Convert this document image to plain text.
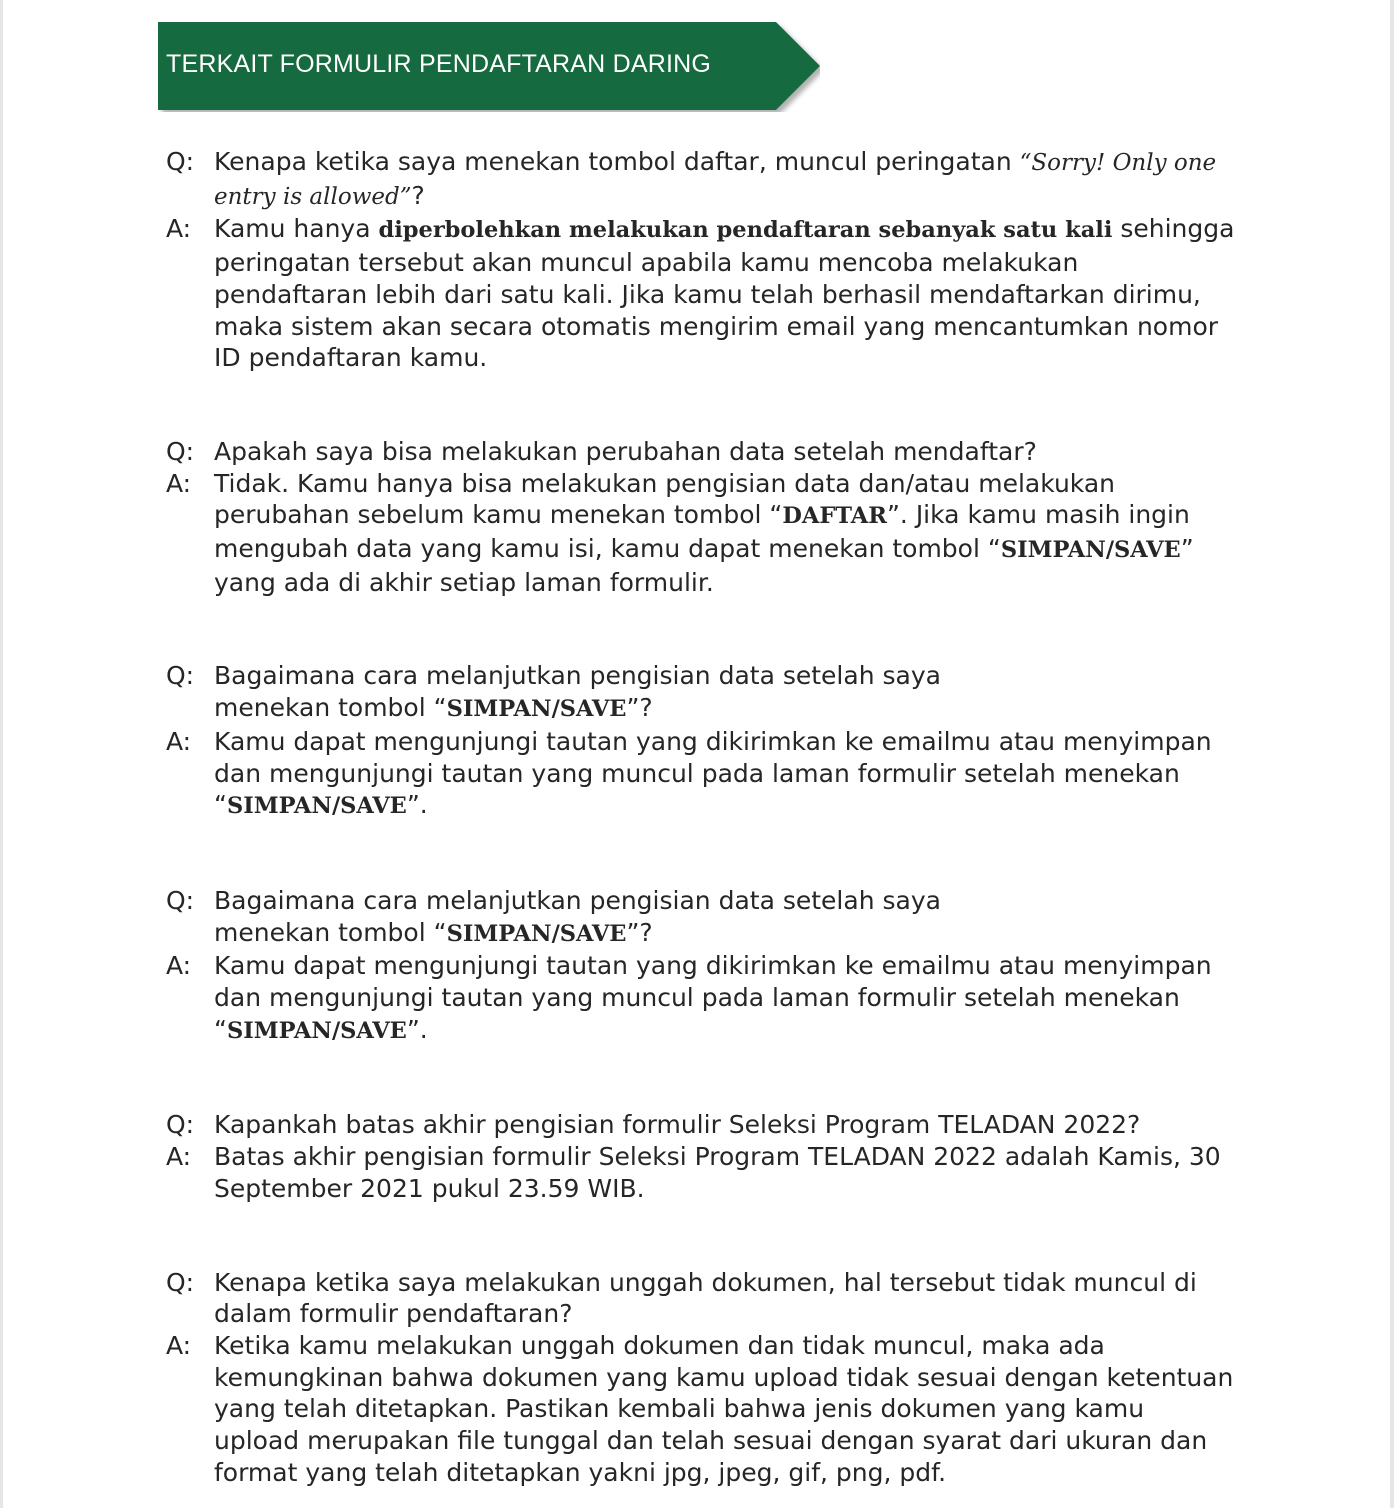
TERKAIT FORMULIR PENDAFTARAN DARING
Q: Kenapa ketika saya menekan tombol daftar, muncul peringatan “Sorry! Only one entry is allowed”?
A: Kamu hanya diperbolehkan melakukan pendaftaran sebanyak satu kali sehingga peringatan tersebut akan muncul apabila kamu mencoba melakukan pendaftaran lebih dari satu kali. Jika kamu telah berhasil mendaftarkan dirimu, maka sistem akan secara otomatis mengirim email yang mencantumkan nomor ID pendaftaran kamu.
Q: Apakah saya bisa melakukan perubahan data setelah mendaftar?
A: Tidak. Kamu hanya bisa melakukan pengisian data dan/atau melakukan perubahan sebelum kamu menekan tombol “DAFTAR”. Jika kamu masih ingin mengubah data yang kamu isi, kamu dapat menekan tombol “SIMPAN/SAVE” yang ada di akhir setiap laman formulir.
Q: Bagaimana cara melanjutkan pengisian data setelah saya menekan tombol “SIMPAN/SAVE”?
A: Kamu dapat mengunjungi tautan yang dikirimkan ke emailmu atau menyimpan dan mengunjungi tautan yang muncul pada laman formulir setelah menekan “SIMPAN/SAVE”.
Q: Bagaimana cara melanjutkan pengisian data setelah saya menekan tombol “SIMPAN/SAVE”?
A: Kamu dapat mengunjungi tautan yang dikirimkan ke emailmu atau menyimpan dan mengunjungi tautan yang muncul pada laman formulir setelah menekan “SIMPAN/SAVE”.
Q: Kapankah batas akhir pengisian formulir Seleksi Program TELADAN 2022?
A: Batas akhir pengisian formulir Seleksi Program TELADAN 2022 adalah Kamis, 30 September 2021 pukul 23.59 WIB.
Q: Kenapa ketika saya melakukan unggah dokumen, hal tersebut tidak muncul di dalam formulir pendaftaran?
A: Ketika kamu melakukan unggah dokumen dan tidak muncul, maka ada kemungkinan bahwa dokumen yang kamu upload tidak sesuai dengan ketentuan yang telah ditetapkan. Pastikan kembali bahwa jenis dokumen yang kamu upload merupakan file tunggal dan telah sesuai dengan syarat dari ukuran dan format yang telah ditetapkan yakni jpg, jpeg, gif, png, pdf.
